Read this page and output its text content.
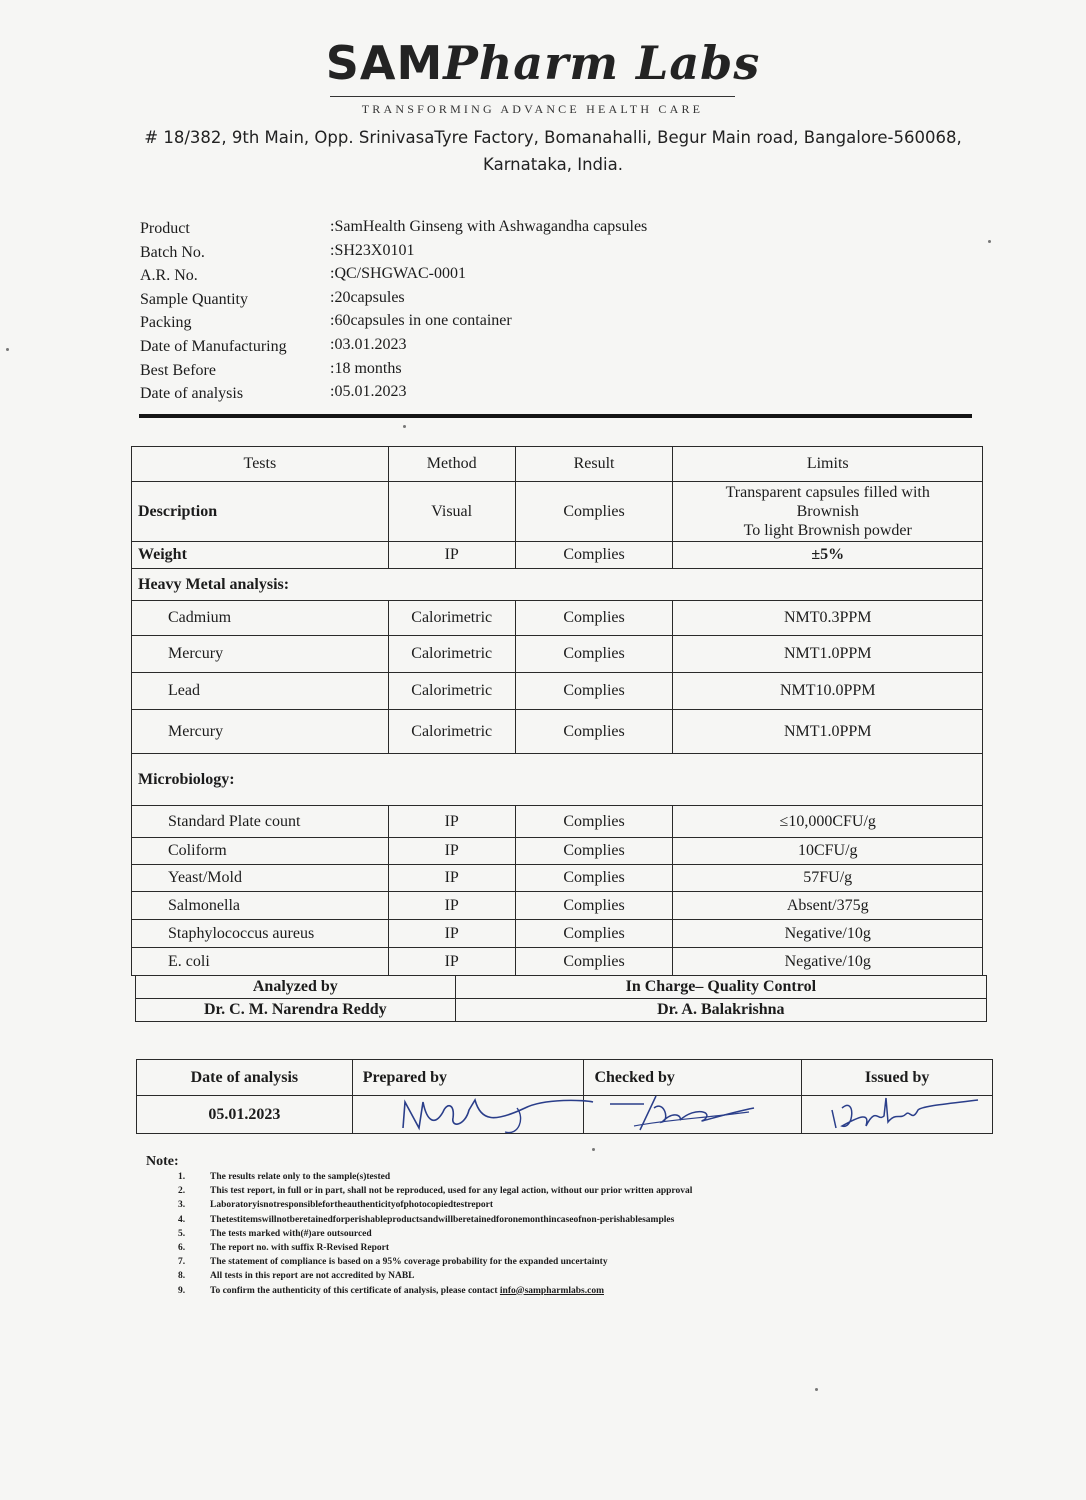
SAMPharm Labs
TRANSFORMING ADVANCE HEALTH CARE
# 18/382, 9th Main, Opp. SrinivasaTyre Factory, Bomanahalli, Begur Main road, Bangalore-560068,
Karnataka, India.
Product	:SamHealth Ginseng with Ashwagandha capsules
Batch No.	:SH23X0101
A.R. No.	:QC/SHGWAC-0001
Sample Quantity	:20capsules
Packing	:60capsules in one container
Date of Manufacturing	:03.01.2023
Best Before	:18 months
Date of analysis	:05.01.2023
Tests	Method	Result	Limits
Description	Visual	Complies	Transparent capsules filled with
Brownish
To light Brownish powder

Weight	IP	Complies	±5%
Heavy Metal analysis:			
Cadmium	Calorimetric	Complies	NMT0.3PPM
Mercury	Calorimetric	Complies	NMT1.0PPM
Lead	Calorimetric	Complies	NMT10.0PPM
Mercury	Calorimetric	Complies	NMT1.0PPM
Microbiology:			
Standard Plate count	IP	Complies	≤10,000CFU/g
Coliform	IP	Complies	10CFU/g
Yeast/Mold	IP	Complies	57FU/g
Salmonella	IP	Complies	Absent/375g
Staphylococcus aureus	IP	Complies	Negative/10g
E. coli	IP	Complies	Negative/10g
Analyzed by	In Charge– Quality Control
Dr. C. M. Narendra Reddy	Dr. A. Balakrishna
Date of analysis	Prepared by	Checked by	Issued by
05.01.2023			
Note:
1.	The results relate only to the sample(s)tested
2.	This test report, in full or in part, shall not be reproduced, used for any legal action, without our prior written approval
3.	Laboratoryisnotresponsiblefortheauthenticityofphotocopiedtestreport
4.	Thetestitemswillnotberetainedforperishableproductsandwillberetainedforonemonthincaseofnon-perishablesamples
5.	The tests marked with(#)are outsourced
6.	The report no. with suffix R-Revised Report
7.	The statement of compliance is based on a 95% coverage probability for the expanded uncertainty
8.	All tests in this report are not accredited by NABL
9.	To confirm the authenticity of this certificate of analysis, please contact info@sampharmlabs.com
